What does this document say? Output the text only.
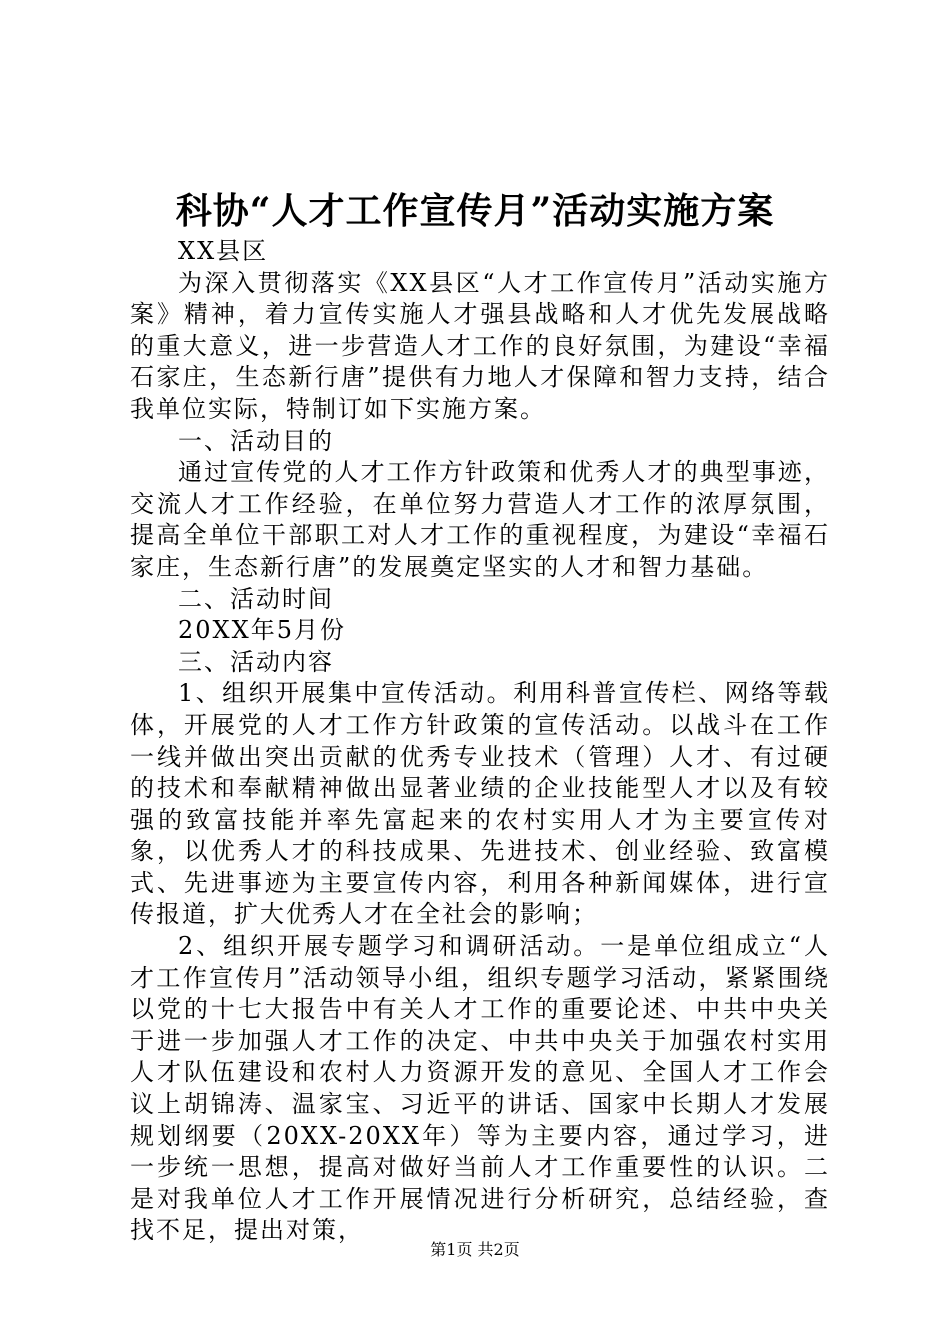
科协“人才工作宣传月”活动实施方案

XX县区

为深入贯彻落实《XX县区“人才工作宣传月”活动实施方案》精神，着力宣传实施人才强县战略和人才优先发展战略的重大意义，进一步营造人才工作的良好氛围，为建设“幸福石家庄，生态新行唐”提供有力地人才保障和智力支持，结合我单位实际，特制订如下实施方案。

一、活动目的

通过宣传党的人才工作方针政策和优秀人才的典型事迹，交流人才工作经验，在单位努力营造人才工作的浓厚氛围，提高全单位干部职工对人才工作的重视程度，为建设“幸福石家庄，生态新行唐”的发展奠定坚实的人才和智力基础。

二、活动时间

20XX年5月份

三、活动内容

1、组织开展集中宣传活动。利用科普宣传栏、网络等载体，开展党的人才工作方针政策的宣传活动。以战斗在工作一线并做出突出贡献的优秀专业技术（管理）人才、有过硬的技术和奉献精神做出显著业绩的企业技能型人才以及有较强的致富技能并率先富起来的农村实用人才为主要宣传对象，以优秀人才的科技成果、先进技术、创业经验、致富模式、先进事迹为主要宣传内容，利用各种新闻媒体，进行宣传报道，扩大优秀人才在全社会的影响；

2、组织开展专题学习和调研活动。一是单位组成立“人才工作宣传月”活动领导小组，组织专题学习活动，紧紧围绕以党的十七大报告中有关人才工作的重要论述、中共中央关于进一步加强人才工作的决定、中共中央关于加强农村实用人才队伍建设和农村人力资源开发的意见、全国人才工作会议上胡锦涛、温家宝、习近平的讲话、国家中长期人才发展规划纲要（20XX-20XX年）等为主要内容，通过学习，进一步统一思想，提高对做好当前人才工作重要性的认识。二是对我单位人才工作开展情况进行分析研究，总结经验，查找不足，提出对策，

第1页 共2页
